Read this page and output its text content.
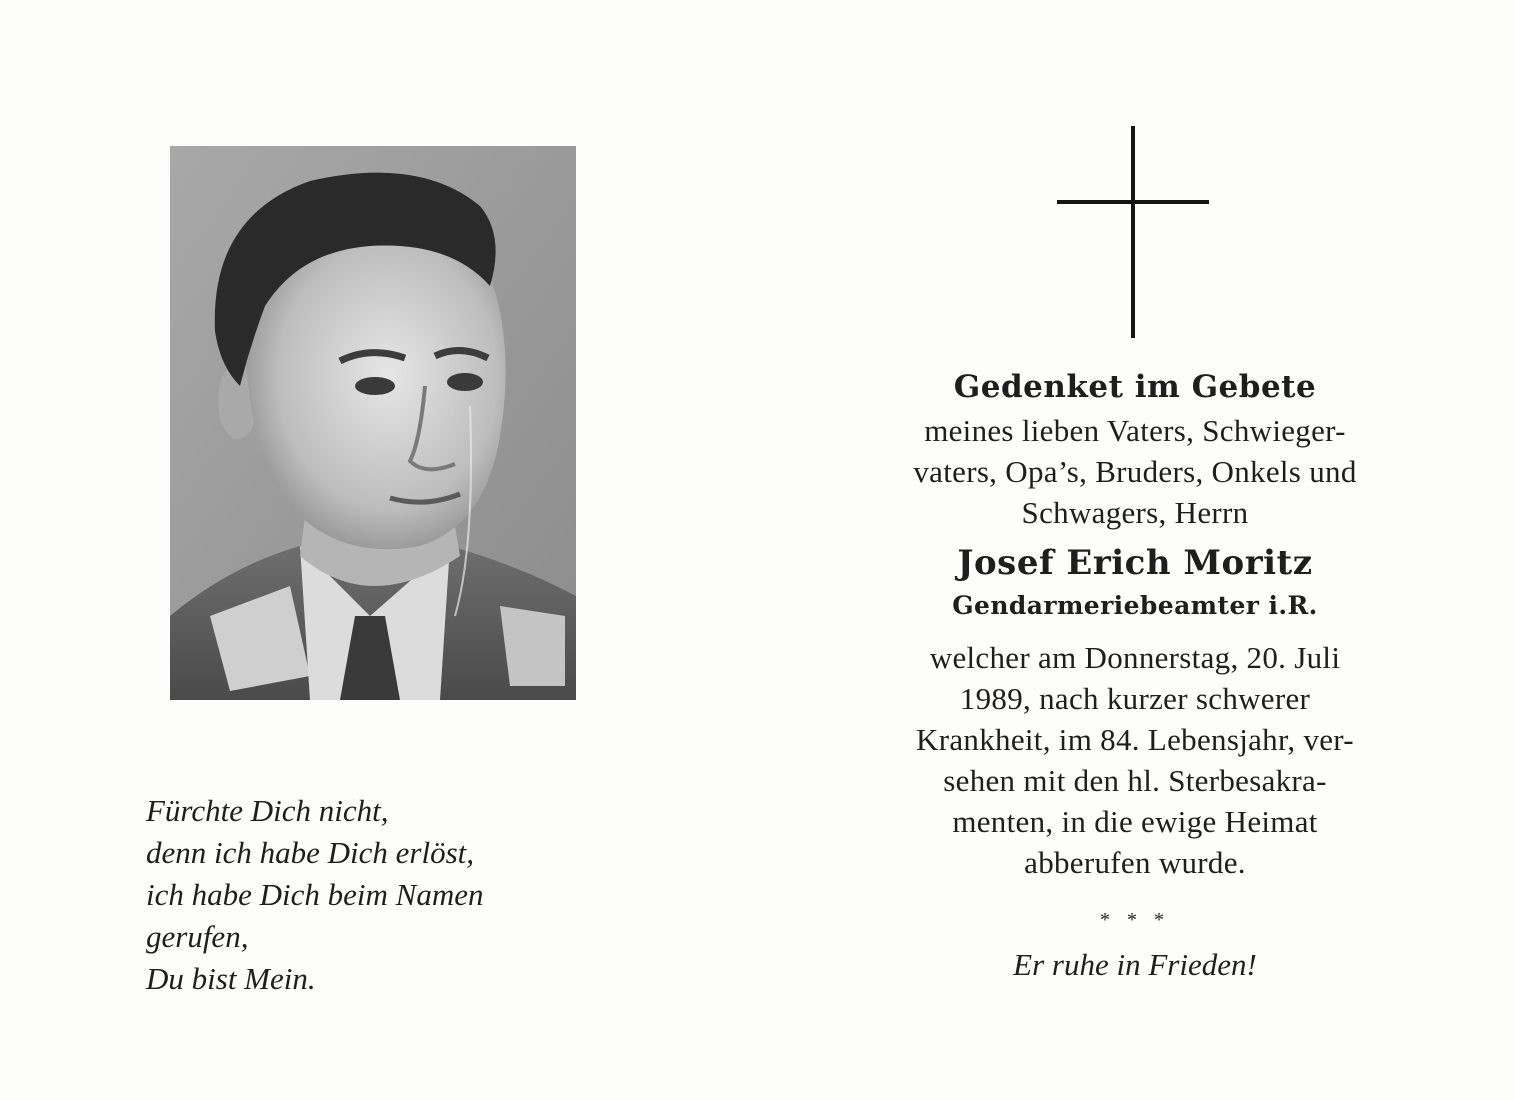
Fürchte Dich nicht,
denn ich habe Dich erlöst,
ich habe Dich beim Namen
gerufen,
Du bist Mein.
Gedenket im Gebete
meines lieben Vaters, Schwieger-
vaters, Opa’s, Bruders, Onkels und
Schwagers, Herrn
Josef Erich Moritz
Gendarmeriebeamter i.R.
welcher am Donnerstag, 20. Juli
1989, nach kurzer schwerer
Krankheit, im 84. Lebensjahr, ver-
sehen mit den hl. Sterbesakra-
menten, in die ewige Heimat
abberufen wurde.
* * *
Er ruhe in Frieden!
